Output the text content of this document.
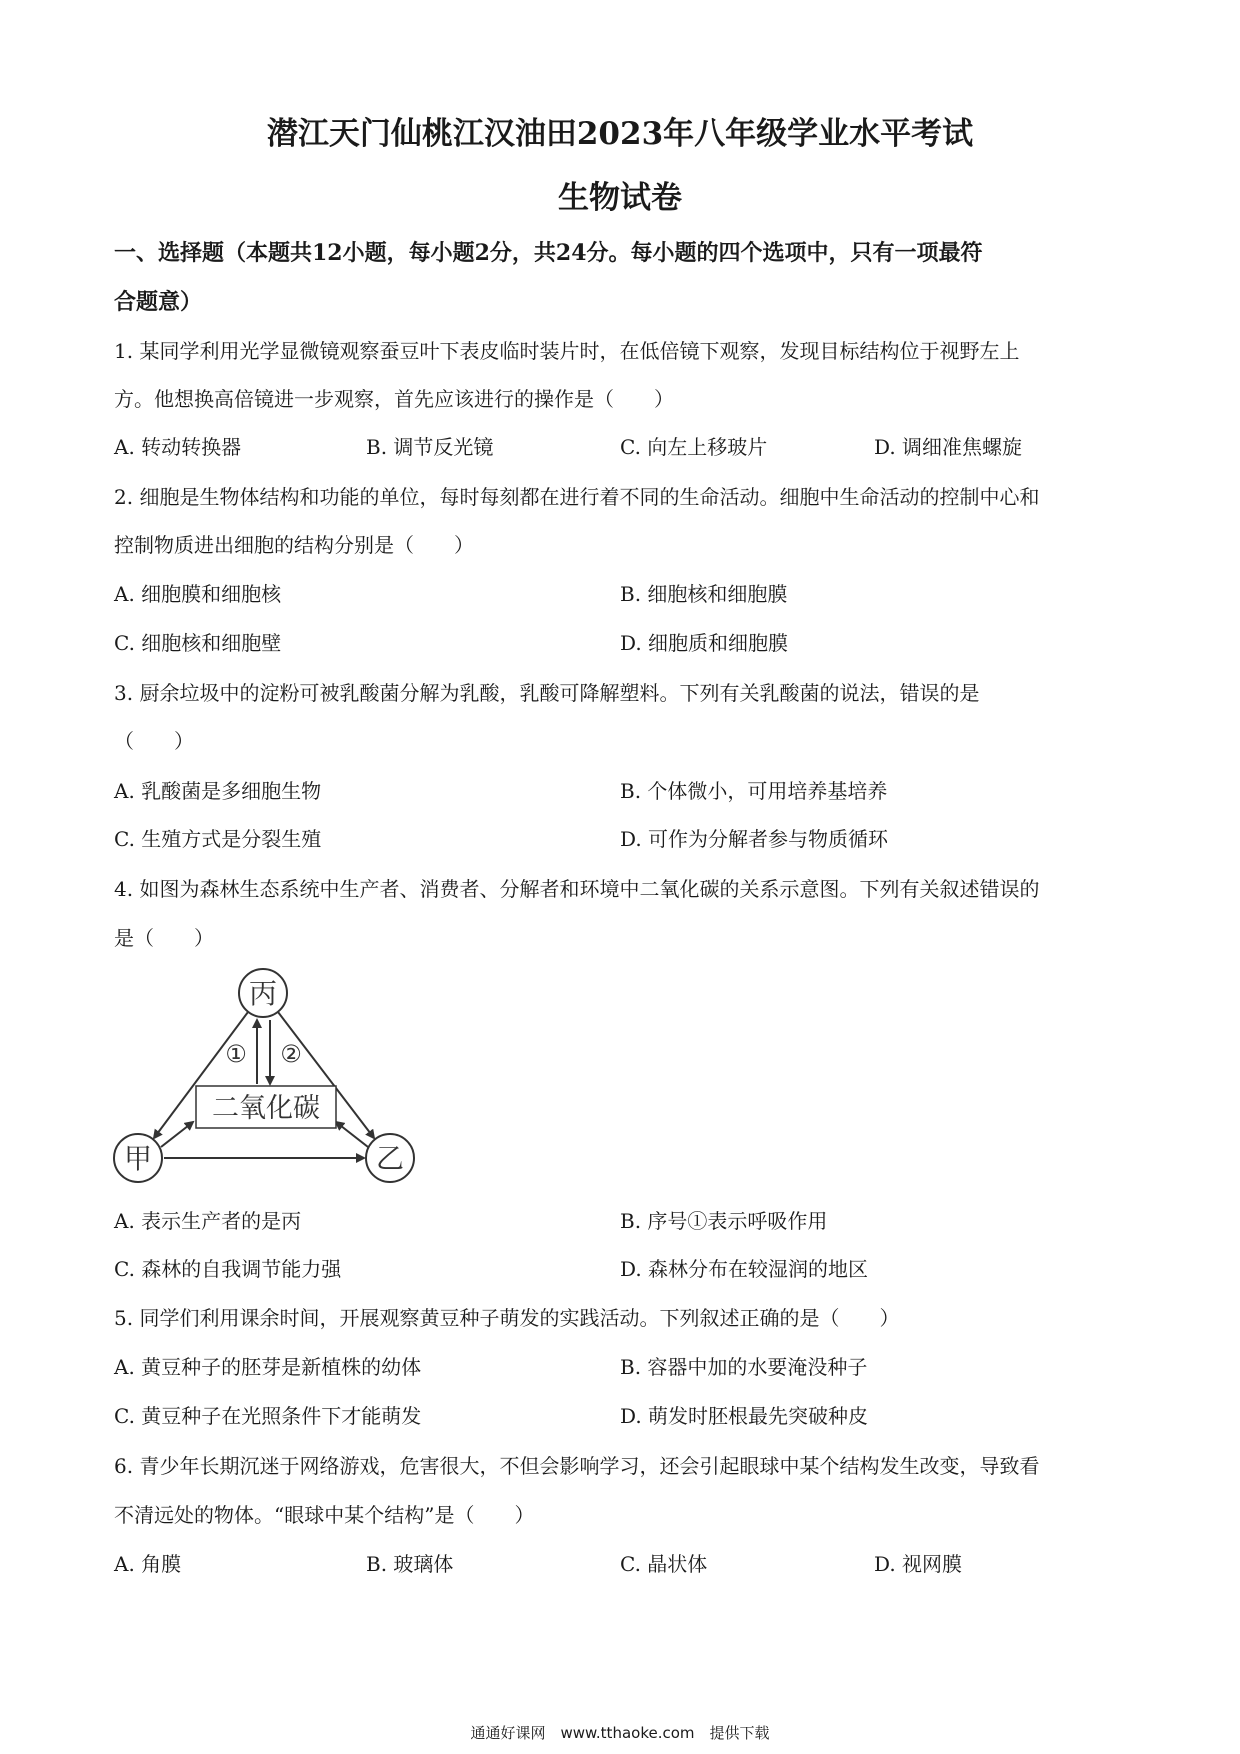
潜江天门仙桃江汉油田2023年八年级学业水平考试
生物试卷
一、选择题（本题共12小题，每小题2分，共24分。每小题的四个选项中，只有一项最符
合题意）
1. 某同学利用光学显微镜观察蚕豆叶下表皮临时装片时，在低倍镜下观察，发现目标结构位于视野左上
方。他想换高倍镜进一步观察，首先应该进行的操作是（　　）
A. 转动转换器	B. 调节反光镜	C. 向左上移玻片	D. 调细准焦螺旋
2. 细胞是生物体结构和功能的单位，每时每刻都在进行着不同的生命活动。细胞中生命活动的控制中心和
控制物质进出细胞的结构分别是（　　）
A. 细胞膜和细胞核	B. 细胞核和细胞膜
C. 细胞核和细胞壁	D. 细胞质和细胞膜
3. 厨余垃圾中的淀粉可被乳酸菌分解为乳酸，乳酸可降解塑料。下列有关乳酸菌的说法，错误的是
（　　）
A. 乳酸菌是多细胞生物	B. 个体微小，可用培养基培养
C. 生殖方式是分裂生殖	D. 可作为分解者参与物质循环
4. 如图为森林生态系统中生产者、消费者、分解者和环境中二氧化碳的关系示意图。下列有关叙述错误的
是（　　）
丙
甲	乙
二氧化碳
① ②
A. 表示生产者的是丙	B. 序号①表示呼吸作用
C. 森林的自我调节能力强	D. 森林分布在较湿润的地区
5. 同学们利用课余时间，开展观察黄豆种子萌发的实践活动。下列叙述正确的是（　　）
A. 黄豆种子的胚芽是新植株的幼体	B. 容器中加的水要淹没种子
C. 黄豆种子在光照条件下才能萌发	D. 萌发时胚根最先突破种皮
6. 青少年长期沉迷于网络游戏，危害很大，不但会影响学习，还会引起眼球中某个结构发生改变，导致看
不清远处的物体。“眼球中某个结构”是（　　）
A. 角膜	B. 玻璃体	C. 晶状体	D. 视网膜
通通好课网　www.tthaoke.com　提供下载
